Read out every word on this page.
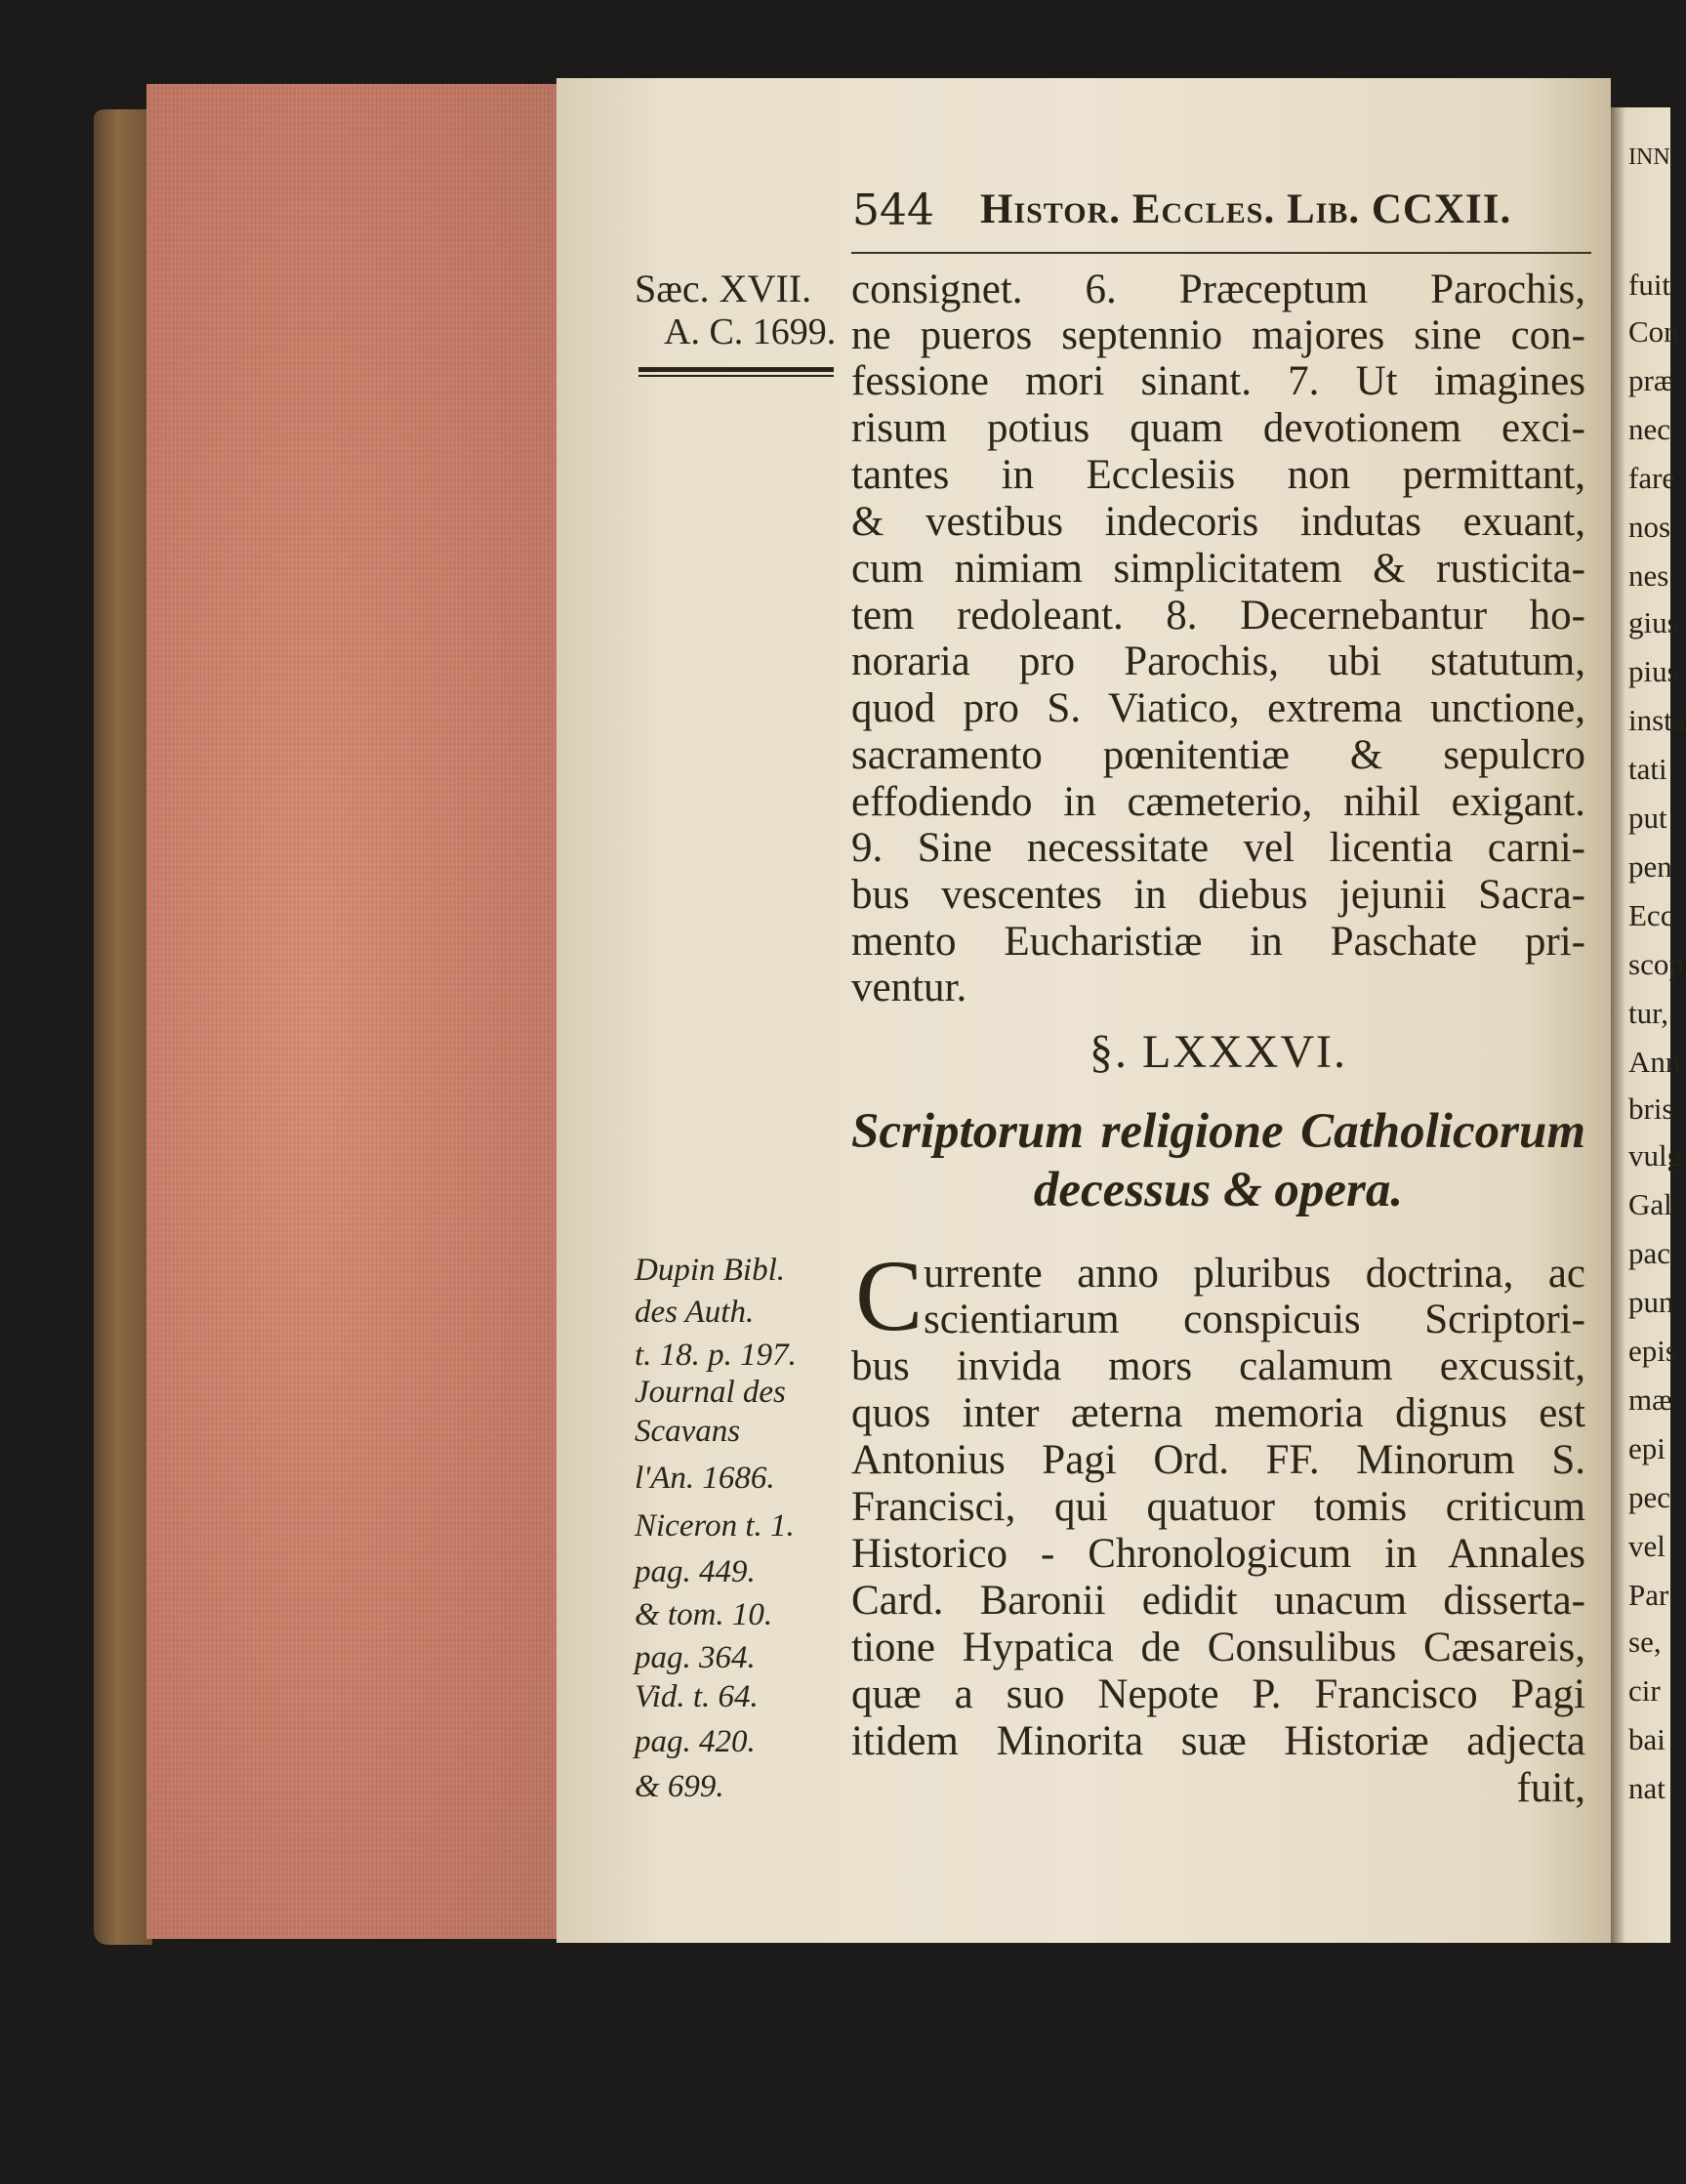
INN
fuit
Con
præ
nec
fare
nos
nes
gius
pius
insta
tati
put
pen
Ecc
scop
tur,
Ann
bris
vulg
Gal
pac
pun
epis
mæ
epi
pec
vel
Par
se,
cir
bai
nat
544 Histor. Eccles. Lib. CCXII.
Sæc. XVII.
A. C. 1699.
Dupin Bibl.
des Auth.
t. 18. p. 197.
Journal des
Scavans
l'An. 1686.
Niceron t. 1.
pag. 449.
& tom. 10.
pag. 364.
Vid. t. 64.
pag. 420.
& 699.
consignet. 6. Præceptum Parochis,
ne pueros septennio majores sine con-
fessione mori sinant. 7. Ut imagines
risum potius quam devotionem exci-
tantes in Ecclesiis non permittant,
& vestibus indecoris indutas exuant,
cum nimiam simplicitatem & rusticita-
tem redoleant. 8. Decernebantur ho-
noraria pro Parochis, ubi statutum,
quod pro S. Viatico, extrema unctione,
sacramento pœnitentiæ & sepulcro
effodiendo in cæmeterio, nihil exigant.
9. Sine necessitate vel licentia carni-
bus vescentes in diebus jejunii Sacra-
mento Eucharistiæ in Paschate pri-
ventur.
§. LXXXVI.
Scriptorum religione Catholicorum
decessus & opera.
C urrente anno pluribus doctrina, ac
scientiarum conspicuis Scriptori-
bus invida mors calamum excussit,
quos inter æterna memoria dignus est
Antonius Pagi Ord. FF. Minorum S.
Francisci, qui quatuor tomis criticum
Historico - Chronologicum in Annales
Card. Baronii edidit unacum disserta-
tione Hypatica de Consulibus Cæsareis,
quæ a suo Nepote P. Francisco Pagi
itidem Minorita suæ Historiæ adjecta
fuit,
